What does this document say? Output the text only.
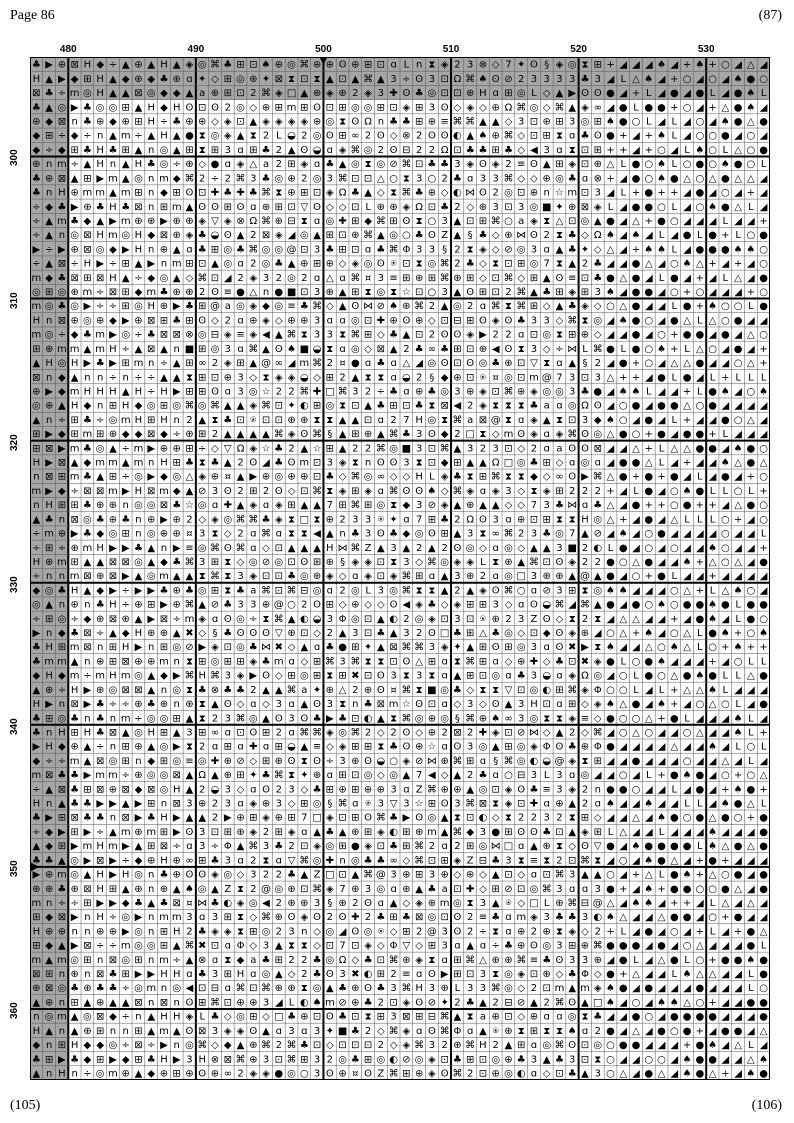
Page 86	(87)
(105)	(106)
480	490	500	510	520	530
300
310
320
330
340
350
360
♣ ▶ ⊕ ⊠ H ◆ ÷ ▲ ⊕ ▲ H ▲ ◈ ◎ ⌘ ♣ ⊞ ⊡ ♠ ⊕ ◎ ⌘ ⊕ ⊕ ʘ ⊕ ⊞ ⊡ ɑ L n ⧗ ◈ 2 3 ⊗ ◇ 7 ✦ ʘ § ◈ ◎ ⧗ ⊞ + ◢ ◢ ◢ ♠ ◢ + ♠ + ○ ◢ △ ◢
H ▲ ▶ ◆ ⊞ H ▲ ◆ ⊕ ◆ ♣ ⊕ ɑ ✦ ◇ ⊞ ◎ ⊕ ✦ ⊠ ⧗ ⊡ ⧗ ▲ ⊡ ▲ ⌘ ▲ 3 ÷ ʘ 3 ⊡ Ω ⌘ ♠ ʘ ⊘ 2 3 3 3 3 ♣ 3 ◢ L △ ♠ ◢ + ○ ◢ ○ ◢ ♠ ● ○
⊠ ♣ ÷ m ◎ H ▲ ▲ ⊠ ◎ ◆ ◆ ▲ a ⊕ ⊞ ⊡ 2 ⌘ ◈ □ ▲ ⊕ ◈ ⊕ 2 ◈ 3 ✚ ʘ ♣ ◎ ⊡ ⊡ ⊕ H ɑ ⊞ ◎ L ◇ ▲ ▶ ʘ ʘ ● ◢ + L ◢ ● ◢ ● L ◢ ● ♠ L
♣ ▲ ◎ ▶ ♣ ◎ ◎ ⊞ ▲ H ◆ H ʘ ⊡ ʘ 2 ◎ ◇ ⊕ ⊞ m ⊞ ʘ ⊡ ⊞ ◎ ◎ ⊞ ⊡ ◈ ⊞ 3 ʘ ◇ ◈ ◇ ⊕ Ω ⌘ ◎ ◇ ⌘ ▲ ◈ ∞ ◢ ● L ● ● + ○ ◢ + △ ● ♠ ◢
⊕ ◆ ⊠ n ♣ ⊕ ◆ ⊕ ⊞ H ÷ ♣ ⊕ ⊕ ◇ ◈ ⊡ ▲ ◈ ◈ ◈ ◈ ⊕ ◎ ⧗ ʘ Ω n ♣ ♣ ⊞ ⊕ ≡ ⌘ ⌘ ▲ ▲ ◇ 3 ⊡ ⊕ ⊞ 3 ◎ ⊞ ♠ ● ○ L ◢ L ◢ ○ ◢ ♠ ● △ ●
◆ ⊞ ÷ ◆ ÷ n ▲ m ÷ ▲ H ▲ ● ⧗ ◎ ◈ ▲ ⧗ 2 L ◒ 2 ◎ ʘ ⊞ ∞ 2 ʘ ◇ ⊗ 2 ʘ ʘ ◐ ▲ ♠ ⊕ ⌘ ◇ ⊡ ⊞ ⧗ ɑ ♣ ʘ ● + ◢ + ♠ L ◢ ○ ○ ● ◢ ○ ◢
◆ ÷ ◆ ⊞ ♣ H ♣ ⊞ ▲ n ◎ ▲ ⊞ ⧗ ⊞ 3 ɑ ⊞ ♣ 2 ▲ ʘ ◒ ɑ ◈ ⌘ ◎ 2 ʘ ⊟ 2 2 Ω ⊡ ♣ ♣ ⊞ ♣ ◇ ◀ 3 ɑ ⧗ ⊡ ⊞ + + ◢ + ○ ◢ L ♠ ○ L △ ○ ●
⊕ n m ÷ ▲ H n ▲ H ♣ ◎ ÷ ⊕ ◇ ● ɑ ◈ △ a 2 ⊞ ◈ ɑ ♣ ▲ ◎ ⧗ ◎ ⊘ ⌘ ⊡ ♣ ♣ 3 ◈ ʘ ◈ 2 ≡ ʘ ▲ ⊞ ◈ ⊡ ⊕ △ L ● ○ ♠ L ○ ● ○ ♠ ● ○ L
♣ ⊕ ⊠ ▲ ⊞ ▶ m ▲ ◎ n m ◆ ⌘ 2 ÷ 2 ⌘ 3 ♣ ◎ ⊕ 2 ◎ 3 ⌘ ⊡ ⊡ △ ○ ⧗ 3 ○ 2 ♣ ɑ 3 3 ⌘ ◇ ◇ ⊕ ◎ ♣ ɑ ⊗ + ◢ ● ○ ♠ ● △ ○ △ ● △ △ ◢
♣ n H ⊕ m m ▲ m ⊞ n ◆ ⊞ ʘ ⊡ ✚ ♣ ✚ ♣ ⌘ ⧗ ⊕ ⊞ ⊡ ◈ Ω ♣ ▲ ◇ ⧗ ⌘ ♣ ⊕ ◇ ◐ ⋈ ʘ 2 ◎ ⊡ ⊕ n ☆ m ⊡ 3 ◢ L + ● + + ◢ ● ◢ ○ ◢ + ◢
÷ ◆ ♣ ▶ ⊕ ♣ H ♣ ⊠ n ⊞ m ▲ ʘ ʘ ⊞ ʘ ɑ ⊕ ⊞ ⊡ ▽ ʘ ◇ ◇ ⊡ L ⊕ ⊕ ◈ Ω ⊡ ♣ 2 ◇ ⊕ 3 ⊡ 3 ◎ ■ ✦ ⊕ ⊠ ◈ L ◢ ● ● ○ L ◢ ○ ♠ ● △ L ◢
÷ ▲ m ♣ ◆ ▲ ▶ m ⊕ ⊕ ▶ ⊕ ⊕ ◈ ▽ ◈ ⊗ Ω ⌘ ⊕ ⊟ ⧗ ɑ ◎ ✚ ⊞ ◆ ⌘ ⊞ ʘ ⧗ ○ 3 ▲ ⊡ ⊞ ⌘ ○ a ◈ ⧗ △ ⊡ ◎ ▲ ● ◢ △ + ● ○ ◢ ◢ ◢ L ◢ ◢ +
÷ ▲ n ◎ ⊠ H m ◎ H ◆ ⊠ ⊕ ◈ ♣ ◒ ʘ ▲ 2 ⊠ ◈ ◢ ◎ ▲ ⊞ ⊡ ⊕ ⌘ ▲ ◎ ○ ♣ ʘ Z ▲ § ♣ ◇ ⊕ ⋈ ʘ 2 ⧗ ♣ ◇ Ω ♠ ◢ ♠ ◢ L ◢ ● L ● + L ○ ●
▶ ÷ ▶ ⊕ ⊠ ◎ ◆ ▶ H n ⊕ ▲ ɑ ♣ ⊞ ◎ ♣ ⌘ ◎ ◎ @ ⊡ 3 ♣ ⊞ ⊡ ɑ ♣ ⌘ Φ 3 3 § 2 ⧗ ◈ ◇ ⊘ ◎ 3 ɑ ▲ ♣ ✦ ◇ △ ◢ + ♠ ♠ L ◢ ● ● ● ♠ ♠ ○
÷ ▲ ⊠ ÷ H ▶ ÷ ⊞ ▲ ▶ n m ⊞ ⊡ ▲ ◎ ɑ 2 ◎ ♣ ▲ ⊕ ⊞ ⊕ ◇ ◈ ◎ ʘ ⍟ ⊡ ⧗ ◎ ⌘ 2 ♣ ◇ ⧗ ⊡ ⊞ ◎ 7 ⧗ ▲ 2 ♣ ◢ ◢ ● △ ◢ ○ ♠ △ + ◢ + ◢ ○
m ◆ ♣ ⊠ ⊞ ⊠ H ▲ ÷ ◆ ◎ ▲ ◇ ⌘ ⊡ ◢ 2 ◈ 3 2 ◎ 2 ɑ △ ɑ ⌘ ¤ 3 ≡ ⊞ ⊕ ⊞ ⌘ ⊕ ⊞ ◇ ⊡ ⌘ ◇ ⊞ ▲ ʘ ≡ ⊡ ♣ ● △ ● ◢ L ● ◢ + ◢ L △ ◢ ●
◎ ⊞ ◎ ⊕ m ÷ ⊠ ⊞ ◆ m ♣ ⊕ ⊕ 2 ʘ ≡ ● △ n ● ■ ⊡ 3 ⊕ ▲ ⊞ ⧗ ◎ ⧗ ☆ ⊡ ○ 3 ▲ ʘ ⊞ ⊡ 2 ⌘ ▲ ♣ ⊞ ◈ ⊞ 3 ♠ ◢ ● ● ◢ ○ + ○ ◢ ◢ ◢ + ○
m ◎ ♣ ◎ ▶ ÷ ÷ ⊞ ◎ H ⊕ ▶ ♣ ⊞ @ a ◎ ◈ ◆ ◎ ≡ ♣ ⌘ ◇ ▲ ʘ ⋈ ⊘ ♠ ⊕ ⌘ 2 ▲ ◎ 2 ɑ ⌘ ⧗ ⌘ ⊞ ◇ ▲ ♣ ◈ ◇ ○ △ ● ◢ ◢ L ● + ♠ ○ ○ L ●
H n ⊠ ⊕ ◎ ⊕ ◆ ▶ ⊕ ⊠ ⊞ ♣ ⊞ ʘ ◇ 2 ɑ ⊕ ◈ ◇ ⊕ ⊕ 3 ɑ ɑ ◎ ⊡ ✚ ⊕ ʘ ⊕ ◇ ⊡ ⊟ ⊞ ʘ ◈ ʘ ♣ 3 3 ◇ ⌘ ⧗ ◎ ◢ ♠ ● ○ ◢ ● △ L △ ○ ● ◢ ◢
m ◎ ÷ ◆ ♣ m ▶ ◎ ÷ ♣ ⊠ ⊠ ⊗ ◎ ⊟ ◈ ≡ ◈ ◀ ▲ ⌘ ⧗ 3 3 ⧗ ⌘ ⊞ ◇ ♣ ▲ ⊡ 2 ʘ ʘ ◈ ▶ 2 2 ɑ ⊡ ◎ ⧗ ⊞ ⊕ ◇ ◢ ◢ ● ◢ ○ + ● ● ◢ ● ◢ △ ○
⊞ ⊕ m m ▲ m H ÷ ▲ ⊠ ▲ n ■ ⊞ ◎ 3 ɑ ⌘ ▲ ʘ ♠ ■ ◒ ⧗ ɑ ◎ ◇ ⊠ ▲ 2 ♣ ∞ ♣ ⊞ ⊡ ⊕ ◀ ʘ ⧗ 3 ◇ ÷ ⋈ L ⌘ ● L ● ○ ♠ + L △ ○ ◢ ● ◢ +
▲ H ◎ H ▶ ♣ ▶ ⊞ m n ÷ ▲ ⊞ ∞ 2 ◈ ⊞ ▲ @ ∞ ◢ m ⌘ 2 ¤ ● ɑ ♣ ɑ △ ◢ ◎ ʘ ⊡ ʘ ◎ ♣ ⊕ ⊡ ▽ ⧗ ɑ ▲ § 2 ◢ ● + ○ ◢ △ △ ● ◢ ◢ ○ △ +
⊠ n ◆ ▲ n n ÷ n ÷ ÷ ▲ ▲ ⧗ ⊞ ⊡ ⊕ 3 ◇ ⧗ ◈ ◈ ◒ ◇ ⊞ 2 ▲ ⧗ ⧗ ɑ ◒ 2 § ◆ ⊕ ⊡ ⍟ ¤ ◎ ⊡ m @ 7 3 ⊡ 3 △ + + ◢ ● L ● ◢ L + L L L
⊕ ▶ ◆ m H H H ▲ H ÷ H ▶ ⊞ ⊞ ʘ ɑ 3 ◎ ☆ 2 2 ⌘ ✚ □ ⌘ 3 2 ÷ ♣ ɑ ⊕ ♣ ◎ 3 ⊕ ◈ ⊡ ⌘ ⊕ ◈ ◎ ◎ 3 ♣ ● ◢ ♠ ♠ L ◢ ◢ + L ● ♠ ◢ ○ ♠
◎ ⊕ ▲ H ◆ n ⊞ H ◆ ◎ ⊞ ◎ ⌘ ◎ ⌘ ▲ ▲ ◈ ⌘ ⊡ ✦ ◐ ⊞ ◎ ⧗ ⊡ ▲ ♣ ⊞ ⊡ ♣ ⧗ ⊠ ◀ 2 ◈ ⧗ ⧗ ⧗ ♣ a ɑ ◎ Ω ʘ ◢ ○ ● ◢ ● ● △ ○ ● ◢ ◢ ◢ ◢
▲ n ÷ ⊞ ♣ ÷ ◎ m H ⊞ H n 2 ▲ ⧗ ♣ ⊡ ⍟ ⊡ ⊡ ⊕ ⊕ ⧗ ⧗ ▲ ▲ ⊡ ɑ 2 7 H ◎ ⧗ ⌘ a ⊠ @ ⧗ ɑ ◈ ▲ ⧗ ⊡ 3 ◆ ♠ ○ ◢ ● ◢ L + ◢ ◢ ● ○ △ ◢
⊞ ▶ ◆ ⊞ m ⊞ ⊕ ◆ ◆ ⊠ ◆ ÷ ⊕ ⊞ 2 ▲ ▲ ▲ ▲ ⌘ ◈ ʘ ⌘ § ▲ ⊞ ⊕ ▲ ⌘ ♣ 3 ʘ ◆ 2 □ ⧗ ◇ m ʘ ◈ ɑ ◈ ⌘ ʘ ◎ △ ● ○ + ● ◢ ● ● + L ◢ ◢ ◢
⊞ ⊠ ▶ m ♣ ◎ ▲ ÷ m ▶ ⊕ ⊕ ⊞ ÷ ◇ ▽ Ω ◈ ☆ ♣ 2 ▲ ☆ ⊞ ▲ 2 2 ⌘ ◎ ■ 3 ⊡ ⌘ ▲ 3 2 3 ⊡ ◇ 2 ɑ a ʘ ʘ ⊠ ◢ ◢ △ + L △ △ ● ● ◢ ♠ ● ○
H ▶ ⊠ ▲ ◆ m m ▲ m n H ⊞ ♣ ⧗ ♣ ▲ 2 ʘ ◢ ♣ ʘ m ⊡ 3 ◈ ⧗ n ʘ ʘ 3 ⧗ ⊡ ◆ ⊞ ▲ ▲ Ω □ ◎ ♣ ⊞ ◇ ɑ ◎ ɑ ◢ ● ● △ L ◢ + ◢ ◢ ♠ △ ● △
n ⊠ ⊞ m ♣ ▲ ⊞ ÷ ◎ ▶ ◆ ◎ △ ◈ ⊕ ¤ ▲ ▶ ⊕ ◎ ⊕ ⊕ ⊡ ♣ ◇ ⌘ ◎ ∞ ◇ ◇ H L ◈ ♣ ⧗ ⊞ ⌘ ⧗ ⧗ ◆ ◇ ∞ ʘ ▶ ⌘ △ ● + ● + ● ◢ L ◢ ● ◢ + ○
m ▶ ◆ ÷ ⊠ ⊠ m ▶ H ⊠ m ◆ ▲ ⊘ 3 ʘ 2 ⊞ 2 ʘ ◇ ⊡ ⌘ ⧗ ◈ ⊞ ◈ ɑ ⌘ ʘ ʘ ♠ ◇ ⌘ ◈ ɑ ◈ 3 ◇ ⧗ ◈ ⊞ 2 2 2 + ◢ L ● ◢ ○ ♠ ● L L ○ L +
n H ⊞ ⊞ ♣ ⊕ ⊕ n ◎ ◎ ⊠ ♣ ☆ ◎ ɑ ✚ ▲ ◈ ɑ ◈ ⊞ ▲ ▲ 7 ⊞ ⌘ ⊞ ◎ ⧗ ◆ 3 ⊘ ◈ ▲ ⊕ ▲ ▲ ◇ ◇ 7 3 ♣ ⋈ ɑ ♣ △ ◢ ● + + ○ ● + + ◢ △ ● ○
▲ ♣ n ⊠ ◎ ♣ ⊕ ♣ n ⊕ ▶ ⊕ 2 ◇ ◈ ◎ ⌘ ⌘ ♣ ◈ ⧗ □ ⧗ ⊕ 2 3 3 ⍟ ✦ ɑ 7 ⊞ ♣ 2 Ω ʘ 3 ɑ ⊕ ⊡ ⊞ ⧗ ⧗ H ◎ △ + ◢ ● ◢ △ L L L ○ + ◢ ○
÷ m ⊕ ▶ ♣ ◆ ◎ ⊞ n ◎ ⊕ ⊕ ¤ 3 ⧗ ◇ 2 ɑ ⌘ ɑ ⧗ ⧗ ◀ ▲ n ♣ 3 ʘ ♣ ◆ ◎ ʘ ⊞ ▲ 3 ⧗ ∞ ⌘ 2 3 ♣ ◎ 7 ▲ ⊘ ◢ ♠ ◢ ○ ● ◢ ◢ ◢ ◢ ○ ◢ ◢ L
÷ ⊞ ÷ ⊕ m H ▶ ▶ ♣ ▲ n ▶ ≡ ◎ ⌘ ʘ ⌘ ɑ ◇ ⊡ ▲ ▲ ▲ H ⋈ ⌘ Z ▲ 3 ▲ 2 ▲ 2 ʘ ◎ ◇ ɑ ◎ ◇ ▲ ▲ 3 ■ 2 ◐ L ● ◢ ○ ◢ ○ ◢ ◢ ♠ ○ ◢ ◢ +
H ⊕ m ⊞ ▲ ▲ ⊠ ⊠ ◎ ▲ ◆ ♣ ⌘ 3 ⊞ ⧗ ◇ ◎ ⊘ ◎ ⊡ ʘ ⊞ ⊕ § ◈ ◈ ⊡ ⧗ 3 ◇ ⌘ ◎ ◈ ◈ L ⧗ ⊕ ▲ ⌘ ⊡ ʘ ◈ 2 2 ● ○ △ ● ◢ ◢ ♠ + △ ○ △ ◢ ●
÷ n n m ⊠ ⊕ ⊠ ▶ ▲ ◎ m ▲ ▲ ⧗ ⌘ ⧗ 3 ◈ ⊡ ⊡ ♣ ◎ ⊕ ◈ ◇ ɑ ◈ ⊡ ◈ ⌘ ⊞ ɑ ▲ 3 ⊕ 2 ɑ ◎ □ 3 ⊕ ⊕ ▲ @ ▲ ● ◢ ○ + ● L ◢ ◢ + ◢ ◢ ◢ ◢
◆ ◎ ♣ H ▲ ◆ ▶ ÷ ▶ ▶ ♣ ⊕ ♣ ◎ ⊞ ⧗ ♣ a ⌘ ⊡ ⌘ ⊟ ◎ ɑ 2 ◎ L 3 ◎ ⌘ ⧗ ⧗ ▲ 2 ▲ ◈ ʘ ⌘ ○ ɑ ⊘ 3 ⊞ ⧗ ◎ ♠ ♠ ◢ ◢ ◢ ○ △ + L △ ♠ ○ ◢
◎ ▲ n ⊕ n ♣ H ÷ ⊕ ⊞ ▶ ⊕ ⌘ ▲ ⊘ ♣ 3 3 ⊕ @ ○ 2 ʘ ⊞ ◇ ⊕ ◇ ◇ ʘ ◀ ◈ ♣ ◇ ◈ ⊞ ⊞ 3 ◇ ɑ ʘ ◒ ⌘ ◢ ⌘ ▲ ● ◢ ● ○ ♠ ○ ● ● ♠ ● L ● ●
÷ ⊞ ◎ ÷ ◆ ⊕ ⊠ ⊕ ▲ ▶ ⊠ ÷ m ◈ ɑ ʘ ◎ ÷ ⧗ ⌘ ▲ ◐ ◒ 3 Φ ◎ ⊡ ▲ ◐ 2 ◎ ◈ ⊡ 3 ⊡ ⍟ ⊕ 2 3 Z ʘ ◇ ⧗ 2 ⧗ ◢ △ △ ◢ ◢ + ◢ ● ♠ ◢ L ● ○
▶ n ◆ ♣ ⊠ ÷ ▲ ◆ H ⊕ ⊕ ▲ ✖ ◇ § ♣ ʘ ʘ ʘ ▽ ⊕ ⊡ ◇ 2 ▲ 3 ⊡ ♣ ▲ 3 2 ʘ □ ♣ ⊞ △ ♣ ◎ ◇ ⊡ ◆ ʘ ◈ ⊕ ◢ ○ △ + ♠ ◢ ○ △ L ● ♠ + ○ ♠
♣ H ⊞ m ⊠ n ⊞ H ▶ n ⊞ ◎ ⊘ ▶ ◈ ⊡ ◎ ♣ ⋈ ✖ ◇ ▲ ɑ ♣ ● ⊞ ✦ ▲ ⊠ ⌘ ⌘ 3 ◈ ✦ ▲ ⊞ ʘ ⊞ ◎ 3 ɑ ʘ ✖ ▶ ⧗ ♠ ◢ ◢ △ ○ ♠ △ L ○ + ♠ + +
♣ m m ▲ n ⊕ ⊞ ⊠ ⊕ ⊕ m n ⧗ ⊞ ◎ ⊞ ⊞ ◈ ♣ m ɑ ◇ ⊞ ⌘ 3 ⌘ ⧗ ⧗ ⊡ ʘ △ ⊞ ɑ ⧗ ⌘ ⊞ ɑ ◇ ⊕ ✚ ◇ ♣ ⊡ ✖ ◈ ● L ○ ● ♠ ◢ ◢ ◢ + ◢ ○ L L
◆ H ◆ m ÷ m H m ◎ ▲ ◆ ▶ ⌘ H ⌘ 3 ◈ ▶ ʘ ◇ ⊞ ◎ ⊞ ⧗ ⊞ ✖ ⊡ ʘ 3 ⧗ 3 ⧗ ɑ ▲ ⊞ ⊡ ◎ ɑ ♣ 3 ◒ ɑ ◈ Ω ◎ ◢ ○ L ● ○ △ ● ♠ ● L L △ ●
▲ ⊕ ÷ H ▶ ⊕ ◎ ⊠ ⊠ ▲ n ◎ ⧗ ♣ ⊗ ♣ ♣ 2 ▲ ▲ ⌘ a ✦ ⊕ △ 2 ⊕ ʘ ¤ ⌘ ⧗ ■ ◎ ♣ ◇ ⧗ ⧗ ▽ ⊡ ◎ ◐ ⊞ ⌘ ◈ Φ ○ ○ L ◢ L + △ △ ♠ L ◢ ◢ ◢
H ▶ n ⊠ ▶ ♣ ÷ ÷ ⊕ ♣ ⊕ n ⊕ ⧗ ▲ ʘ ◇ ɑ ◇ 3 ɑ ▲ ʘ 3 ⧗ n ♣ ⊠ m ☆ ʘ ⊡ ɑ ◇ 3 ◇ ʘ ▲ 3 H ⊡ ɑ ⊞ ◇ ◈ ♠ △ ● ◢ ♠ + ◢ ○ △ ○ L ◢ ●
♣ ⊞ ◎ ♣ n ♣ n m ÷ ◎ ◎ ⊞ ▲ ⧗ 2 3 ⌘ ◎ ▲ ʘ 3 ʘ ♣ ▶ ♣ ⊡ ◐ ▲ ⧗ ⌘ ◎ ⊕ ◎ § ⌘ ⊕ ♠ ∞ 3 ◎ ⧗ ⧗ ◈ ≡ ◇ ● ○ ○ △ + ● L ◢ ◢ ◢ ♠ L ◢
♣ n H ⊞ H ♣ ⊠ ▲ ◎ H ⊞ ▲ 3 ⊞ ∞ ɑ ⊡ ʘ ⊞ 2 ɑ ⌘ ⌘ ◈ ◎ ⌘ 2 ◇ 2 ʘ ◇ ⊕ 2 ⊠ 2 ✚ ◈ ⊡ ⊘ ⋈ ◇ ▲ 2 ◇ ⌘ ◢ ○ △ ○ ◢ ◢ ○ △ ◢ ◢ ♠ L +
▶ H ◆ ⊕ ▲ ÷ n ⊞ ⊕ ▲ ◎ ▶ ⧗ 2 ɑ ⊞ ɑ ✚ ɑ ⊞ ◒ ▲ ≡ ◇ ◈ ⊞ ⊞ ⧗ ♣ ʘ ⊕ ☆ ɑ ʘ 3 ◎ ▲ ⊞ ◎ ◈ Φ ʘ ♣ ⊕ Φ ● ◢ ◢ ◢ ◢ △ ◢ ◢ ♠ ◢ L ○ L
◆ ÷ ÷ m ▲ ⊠ ◎ ⊞ n ◆ ⊞ ◎ ≡ ◎ ✚ ⊕ ⊘ ◇ ⊞ ⊕ ʘ ⧗ ʘ ÷ 3 ⊕ ʘ ◒ ○ ◈ ⊘ ⋈ ⊕ ⌘ ⊞ ɑ § ⌘ ◎ ◐ ◒ @ ◈ ⧗ ⊞ ◢ ◢ ● ◢ ◢ ◢ ○ ◢ ◢ △ ◢ L ◢
m ⊠ ♣ ♣ ▶ m m ÷ ⊕ ◎ ◎ ⊠ ▲ Ω ▲ ⊕ ⊞ ✦ ♣ ⌘ ⧗ ✦ ⊕ ɑ ⊞ ⊡ ◎ ◇ ◎ ▲ 7 ◀ ◇ ▲ 2 ♣ ɑ ○ ⊟ 3 L 3 ɑ ◎ ◢ ◢ ○ ◢ L + ● ♠ ● ◢ ○ + ○ △
÷ ▲ ⊠ ♣ ⊞ ⊠ ⊕ ⊠ ◆ ⊠ ◎ H ▲ 2 ◒ 3 ◇ ɑ ʘ 2 3 ◇ ♣ ⊞ ⊕ ⊞ ⊕ ⊕ 3 ɑ Z ⌘ ⊕ ⊕ ▲ ◎ ⊡ ◈ ʘ ♣ ≡ 3 ◈ 2 n ● ● ○ ◢ ◢ L ◢ ● ◢ + ♠ ● +
H n ▲ ♣ ♣ ▶ ▶ ▲ ▶ ⊞ n ⊠ 3 ⊕ 2 3 ɑ ◈ ⊕ 3 ◇ ⊞ ◎ § ⌘ ɑ ⍟ 3 ▽ 3 ☆ ⊞ ʘ 3 ⌘ ⊠ ⧗ ◈ ⊡ ✚ ɑ ⊕ ▲ 2 ɑ ♠ ◢ ◢ ♠ ◢ ◢ L L ◢ ♠ ● △ L
♣ ▶ ⊞ ⊠ ♣ ♣ n ⊠ ▶ ♣ H ▶ ▲ ▲ 2 ▶ ⊕ ⊞ ◈ ⊕ ⊞ 7 □ ◈ ⊡ ⊞ ʘ ⌘ ♣ ▶ ʘ ◎ ▲ ⧗ ⊡ ◐ ◇ ⧗ 2 2 3 2 ⧗ ⊞ ◇ ◢ ◢ △ ◢ ♠ ● ○ ● △ ● ○ + ●
÷ ◆ ▶ ⊞ ▶ ÷ ▲ m ⊕ m ⊞ ▶ ʘ 3 ⊡ ⊞ ⊕ ◈ 2 ⊞ ◈ ɑ ▲ ♣ ▲ ⊕ ⊞ ◈ ◐ ⊞ ⊕ m ▲ ⌘ ◆ 3 ● ⊞ ʘ ʘ ♣ ⊡ ▲ ◈ ⊞ L △ ◢ ◢ L ◢ ◢ ◢ ♠ ◢ ◢ ◢ ●
▲ ◆ ⊞ ▶ m H m ▶ ▲ ⊞ ⊠ ÷ ɑ 3 ÷ Φ ▲ ⌘ 3 ♣ 2 ⊡ ◈ ◎ ⊞ ● ◈ ⊡ ♣ ⊞ ⌘ 2 ɑ 2 ⊞ ◎ ⋈ □ ɑ ▲ ⊕ ⧗ ◇ ʘ ▽ ● ◢ ♠ ● ● ● ● L ♠ △ ● △ ●
♣ ♣ ▲ ◎ ▶ ⊠ ▶ ÷ ◆ ⊕ H ⊕ ∞ ⊞ ♣ 3 ɑ 2 ⧗ ɑ ▽ ⌘ ◎ ✚ n ◎ ♣ ♣ ∞ ◇ ⌘ ⊡ ⊞ ◈ Z ⊟ ♣ 3 ⧗ ≡ ⧗ 2 ⊡ ⌘ ⧗ ◢ ○ ◢ ♠ ● △ ◢ + ● + ◢ ◢ ◢
▶ ⊕ m ◎ ▲ H ▶ H ◎ n ♣ ⊕ ʘ ʘ ◈ ◎ ◇ 3 2 2 ♣ ▲ Z □ ⊡ ▲ ⌘ @ 3 ⊕ ⊞ 3 ⊕ ◇ ⊕ ◇ ▲ ⊡ ◇ ɑ ⊡ ⌘ 3 ▲ ▲ ○ ◢ + △ L ● ♠ + △ ○ ● ◢ ●
⊕ ⊕ ♣ ⊕ ⊠ H ⊞ ▲ ⊕ n ⊕ ▲ ♠ ◎ ▲ Z ⧗ 2 @ ◎ ⊕ ⊡ ⌘ ◈ 7 ⊕ 3 ◎ ɑ ⊕ ▲ ♣ a ⊡ ✚ ◇ ⊞ ⊘ ⊡ ◎ ⌘ 3 ɑ ɑ 3 ● + ◢ ♠ + ● ● ○ ○ ● △ ◢ ●
m n ÷ ÷ ⊞ ▶ ▶ ◆ ♣ ▲ ♣ ⊠ ¤ ⋈ ♣ ◐ ◈ ◎ ◀ 2 ⊕ ⊕ 3 § ⊕ 2 ʘ ɑ ▲ ◇ ◈ ⊕ m ◎ ⧗ 3 ▲ ⍟ ◇ □ L ⊕ ⌘ ⊟ @ △ ◢ ♠ ♠ ◢ + + ◢ L △ ◢ △ ◢
⊞ ◆ ⊠ ▶ n H ÷ ◎ ▶ n m m 3 ɑ 3 ⊞ ⧗ ◇ ⌘ ⊕ ʘ ◈ ʘ 2 ʘ ✚ 2 ♣ ⊞ ♣ ⊠ ◎ ⊡ ʘ 2 ≡ ♣ ɑ m ◈ 3 ♣ ♣ 3 ◐ ♠ △ ◢ ◢ △ ● ● ◢ ○ + ● ◢ ◢
H ⊕ ⊕ n n ⊕ ⊕ ▶ ◎ n ⊞ H 2 ♣ ◈ ◈ ⧗ ⊞ ◎ 2 3 n ◇ ◎ ◢ ʘ ◎ ⍟ ◇ ⊞ 2 @ 3 ʘ 2 ÷ ⧗ ɑ ⊕ 2 ⊕ ⧗ ◈ ◇ 2 + L ◢ ● ◢ ○ ◢ + L ◢ + ● △
⊞ ◆ ▲ ▶ ⊠ ÷ ÷ m ◎ ◎ ⊞ ▲ ⌘ ✖ ⊡ ɑ Φ ◇ 3 ▲ ⧗ ⧗ ◇ ⊡ 7 ⊡ ◈ ◇ Φ ▽ ◇ ⊞ 3 ɑ ▲ ɑ ÷ ♣ ⊕ ʘ ◎ 3 ⊞ ⊕ ⌘ ● ● ● ◢ ● ◢ ○ △ ◢ ◢ ◢ ● L
m ▲ m ◎ ⊞ n ⊠ ◎ ⊞ n m ÷ ▲ ⊗ ɑ ⧗ ◆ a ♣ ⊞ 2 2 ♣ ◎ Ω ◇ ♣ ⊡ ⌘ ⊕ ◈ ⧗ ɑ ⊞ ⌘ △ ⊕ ⊕ ⌘ ≡ ♣ ʘ 3 3 ⊕ ◢ ● L ◢ △ ● L ○ + ● ● ♠ ●
⊠ ⊞ n ⊕ n ⊠ ♣ ⊞ ▶ ▶ H H ɑ ♣ 3 ⊞ H ɑ ◎ ▲ ◇ 2 ♣ ʘ 3 ✖ ◐ ⊞ 2 ≡ ɑ ʘ ▶ ⊞ ⊡ 3 ⧗ ◎ ◈ ⊡ ⊕ ◇ ♣ Φ ◇ ● + △ ◢ ◢ L ♠ △ △ ◢ ◢ L ●
⊕ ⊠ ◎ ♣ ⊕ ♣ ♣ ÷ ◎ m n ◎ ◀ ⊡ ⊟ ɑ ⌘ ⊡ ⌘ ⊕ ⊕ ⧗ ◎ ▲ ♣ ⊕ ʘ ♣ 3 ⌘ H 3 ⊕ L 3 3 ⌘ ◎ ◇ 2 ⊡ m ▲ m ◈ ♠ ● ◢ ● ◢ ◢ ◢ ● ◢ ◢ ◢ L ○
▲ ⊕ n ⊞ ▲ ⊕ ▲ ▲ ⊠ n ⊠ n ʘ ⊞ ⌘ ⊡ ⊕ ⊕ 3 ◢ L ◐ ♠ m ⊘ ⊕ ♣ 2 ⊡ ◈ ʘ ⊘ ✦ 2 ♣ ▲ 2 ⊟ ⊘ ▲ 2 ⌘ ʘ ▲ □ ♠ ◢ ○ ◢ ♠ ♠ △ ○ + ◢ ◢ ● ●
n ◎ m ▲ ◎ ⊠ ◆ ÷ n ▲ H H ◈ L ♣ ◇ ◎ ⊞ ◇ □ ♣ ⊕ ⊡ ʘ ♣ ⊡ ⧗ ⊞ 3 ⊠ ⊞ ⊟ ⌘ ▲ ⧗ a ⊕ ⊡ ◇ ⊕ ɑ ɑ ◎ ⧗ ♣ ◢ ◢ ● ○ ◢ ● ● ● ● ◢ ◢ ◢ ●
H ▲ n ▲ ⊕ ⊞ n n ⊞ ▲ m ▲ ʘ ⊠ 3 ◈ ◈ ʘ ▲ ɑ 3 ɑ 3 ✦ ■ ♣ 2 ◇ ⌘ ◈ ɑ ʘ ⌘ Φ ɑ ▲ ⍟ ⊕ ⧗ ⊞ ⧗ ⧗ ♠ ɑ 2 ● ◢ △ ◢ ● ○ ● + ◢ ● ● ◢ △
◆ n ⊞ H ◆ ◆ ◎ ÷ ⊠ ÷ ▶ n ◎ ⌘ ◇ ◆ ▲ ⊕ ⌘ 2 ⌘ ♣ ⊡ ◇ ⊡ ⊡ ⊡ 2 ◇ ◈ ⌘ 3 2 ⊕ ⌘ H 2 ▲ ⊞ ɑ ◎ ⌘ ʘ ⊡ ◎ ○ ● ● ◢ ◢ ◢ + ● ♠ ◢ △ L ◢
♣ ⊞ ▶ ♣ ◆ ⊞ ▶ ◆ ⊞ ♣ H ▶ 3 H ⊗ ⊠ ⌘ ⊕ 3 ⊡ ⌘ ⊞ 3 2 ◎ ♣ ⊞ ◎ ◐ ⊘ ◎ ◈ ⊡ ♣ ⊞ ⊡ ◎ ⊕ ♣ 3 ▲ ♣ 3 ⊡ ⧗ ○ ◢ ◢ ○ ○ ◢ ♠ ● ● ◢ ◢ △ ♠
▲ n H n ÷ ◎ m ⊕ ▲ ◆ ⊕ ⊞ ⊕ ʘ ⊕ ∞ 2 ◈ ◈ ● ◎ ○ 3 ʘ ⊕ ¤ ʘ Z ⌘ ⊞ ⊕ ◈ ʘ ⌘ 2 ⊡ ⊕ ◎ ◐ ɑ ◇ ⊡ ♣ ▲ 3 ○ △ ◢ ● △ ◢ ♠ ● △ + ◢ ♠ ●
